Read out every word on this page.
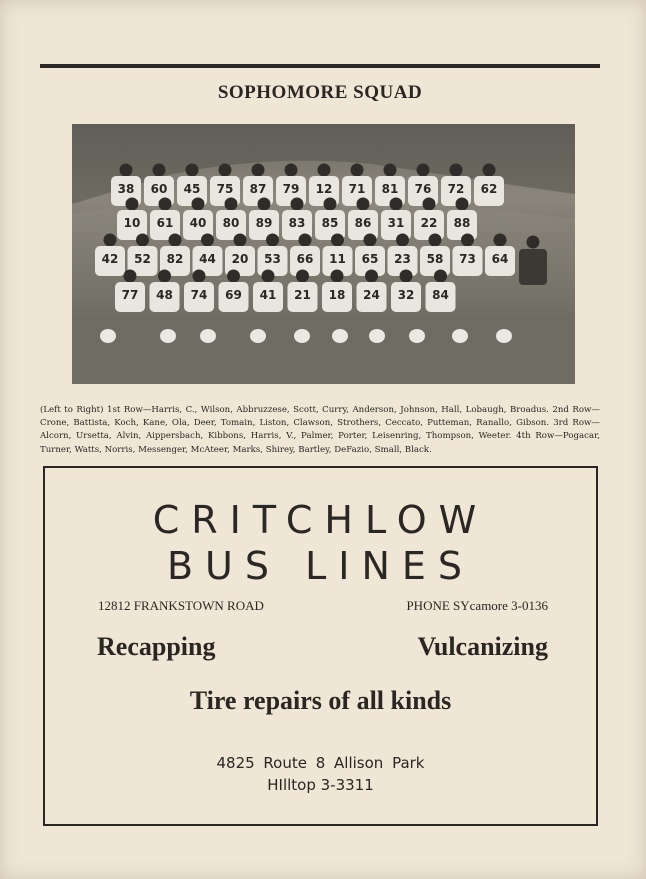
SOPHOMORE SQUAD
38 60 45 75 87 79 12 71 81 76 72 62
10 61 40 80 89 83 85 86 31 22 88
42 52 82 44 20 53 66 11 65 23 58 73 64
77 48 74 69 41 21 18 24 32 84
(Left to Right) 1st Row—Harris, C., Wilson, Abbruzzese, Scott, Curry, Anderson, Johnson, Hall, Lobaugh, Broadus. 2nd Row—Crone, Battista, Koch, Kane, Ola, Deer, Tomain, Liston, Clawson, Strothers, Ceccato, Putteman, Ranallo, Gibson. 3rd Row—Alcorn, Ursetta, Alvin, Aippersbach, Kibbons, Harris, V., Palmer, Porter, Leisenring, Thompson, Weeter. 4th Row—Pogacar, Turner, Watts, Norris, Messenger, McAteer, Marks, Shirey, Bartley, DeFazio, Small, Black.
CRITCHLOW
BUS LINES
12812 FRANKSTOWN ROAD	PHONE SYcamore 3-0136
Recapping	Vulcanizing
Tire repairs of all kinds
4825 Route 8 Allison Park
HIlltop 3-3311
